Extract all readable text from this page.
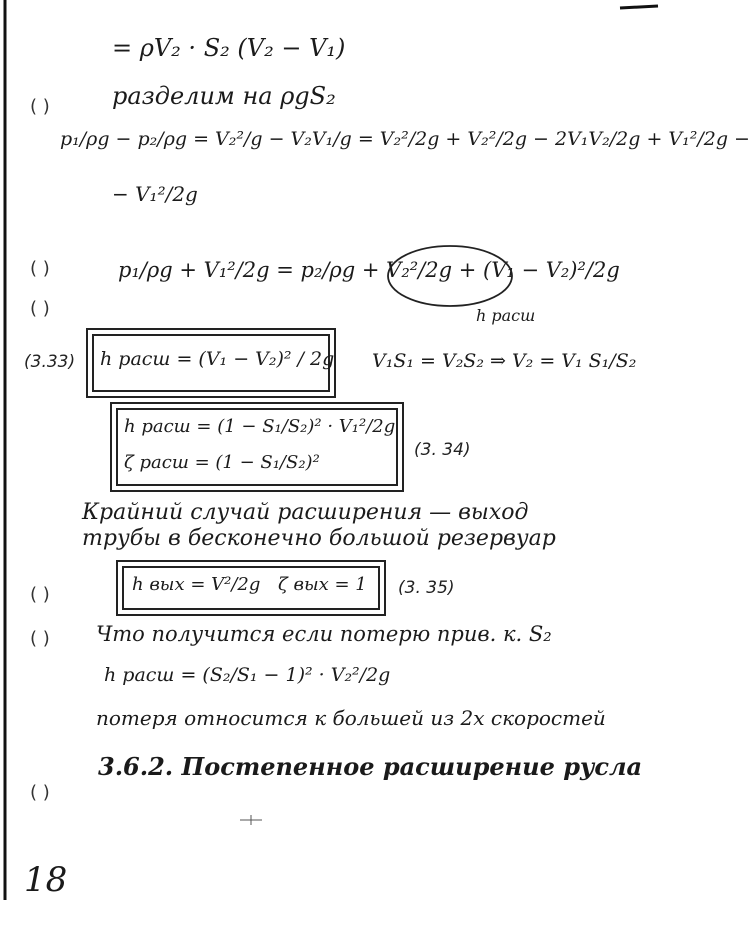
( )
( )
( )
( )
( )
( )
= ρV₂ · S₂ (V₂ − V₁)
разделим на ρgS₂
p₁/ρg − p₂/ρg = V₂²/g − V₂V₁/g = V₂²/2g + V₂²/2g − 2V₁V₂/2g + V₁²/2g −
− V₁²/2g
p₁/ρg + V₁²/2g = p₂/ρg + V₂²/2g + (V₁ − V₂)²/2g
h расш
(3.33) h расш = (V₁ − V₂)² / 2g V₁S₁ = V₂S₂ ⇒ V₂ = V₁ S₁/S₂
h расш = (1 − S₁/S₂)² · V₁²/2g
ζ расш = (1 − S₁/S₂)²
(3. 34)
Крайний случай расширения — выход
трубы в бесконечно большой резервуар
h вых = V²/2g ζ вых = 1 (3. 35)
Что получится если потерю прив. к. S₂
h расш = (S₂/S₁ − 1)² · V₂²/2g
потеря относится к большей из 2х скоростей
3.6.2. Постепенное расширение русла
18
